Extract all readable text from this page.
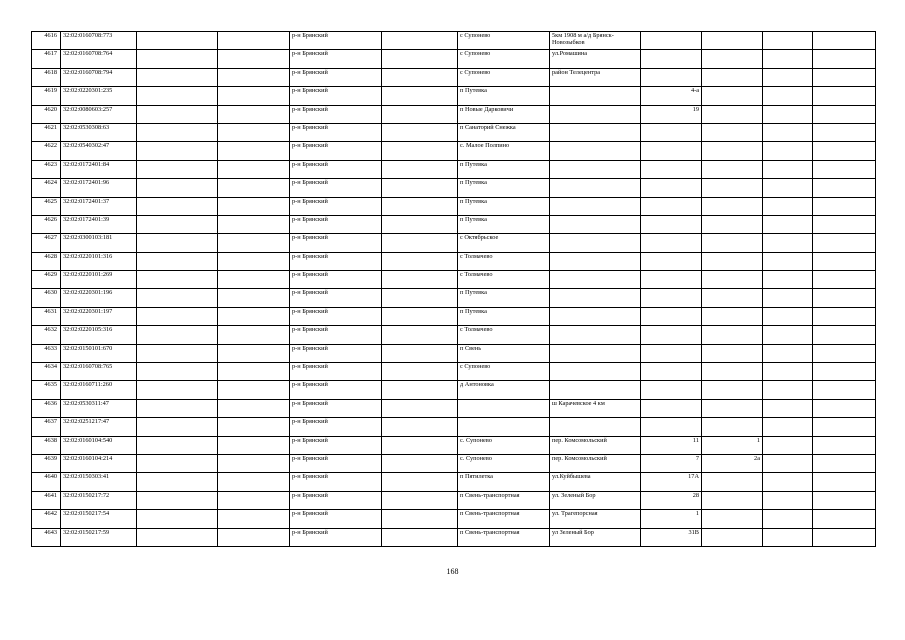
4616	32:02:0160708:773			р-н Брянский		с Супонево	5км 1908 м а/д Брянск-Новозыбков				
4617	32:02:0160708:764			р-н Брянский		с Супонево	ул.Ромашина				
4618	32:02:0160708:794			р-н Брянский		с Супонево	район Телецентра				
4619	32:02:0220301:235			р-н Брянский		п Путевка		4-а			
4620	32:02:0080603:257			р-н Брянский		п Новые Дарковичи		19			
4621	32:02:0530308:63			р-н Брянский		п Санаторий Снежка					
4622	32:02:0540302:47			р-н Брянский		с. Малое Полпино					
4623	32:02:0172401:84			р-н Брянский		п Путевка					
4624	32:02:0172401:96			р-н Брянский		п Путевка					
4625	32:02:0172401:37			р-н Брянский		п Путевка					
4626	32:02:0172401:39			р-н Брянский		п Путевка					
4627	32:02:0300103:181			р-н Брянский		с Октябрьское					
4628	32:02:0220101:316			р-н Брянский		с Толмачево					
4629	32:02:0220101:269			р-н Брянский		с Толмачево					
4630	32:02:0220301:196			р-н Брянский		п Путевка					
4631	32:02:0220301:197			р-н Брянский		п Путевка					
4632	32:02:0220105:316			р-н Брянский		с Толмачево					
4633	32:02:0150101:670			р-н Брянский		п Свень					
4634	32:02:0160708:765			р-н Брянский		с Супонево					
4635	32:02:0160711:260			р-н Брянский		д Антоновка					
4636	32:02:0530311:47			р-н Брянский			ш Карачевское 4 км				
4637	32:02:0251217:47			р-н Брянский							
4638	32:02:0160104:540			р-н Брянский		с. Супонево	пер. Комсомольский	11	1		
4639	32:02:0160104:214			р-н Брянский		с. Супонево	пер. Комсомольский	7	2а		
4640	32:02:0150303:41			р-н Брянский		п Пятилетка	ул.Куйбышева	17А			
4641	32:02:0150217:72			р-н Брянский		п Свень-транспортная	ул. Зеленый Бор	28			
4642	32:02:0150217:54			р-н Брянский		п Свень-транспортная	ул. Трагепорсная	1			
4643	32:02:0150217:59			р-н Брянский		п Свень-транспортная	ул Зеленый Бор	31В			
168
